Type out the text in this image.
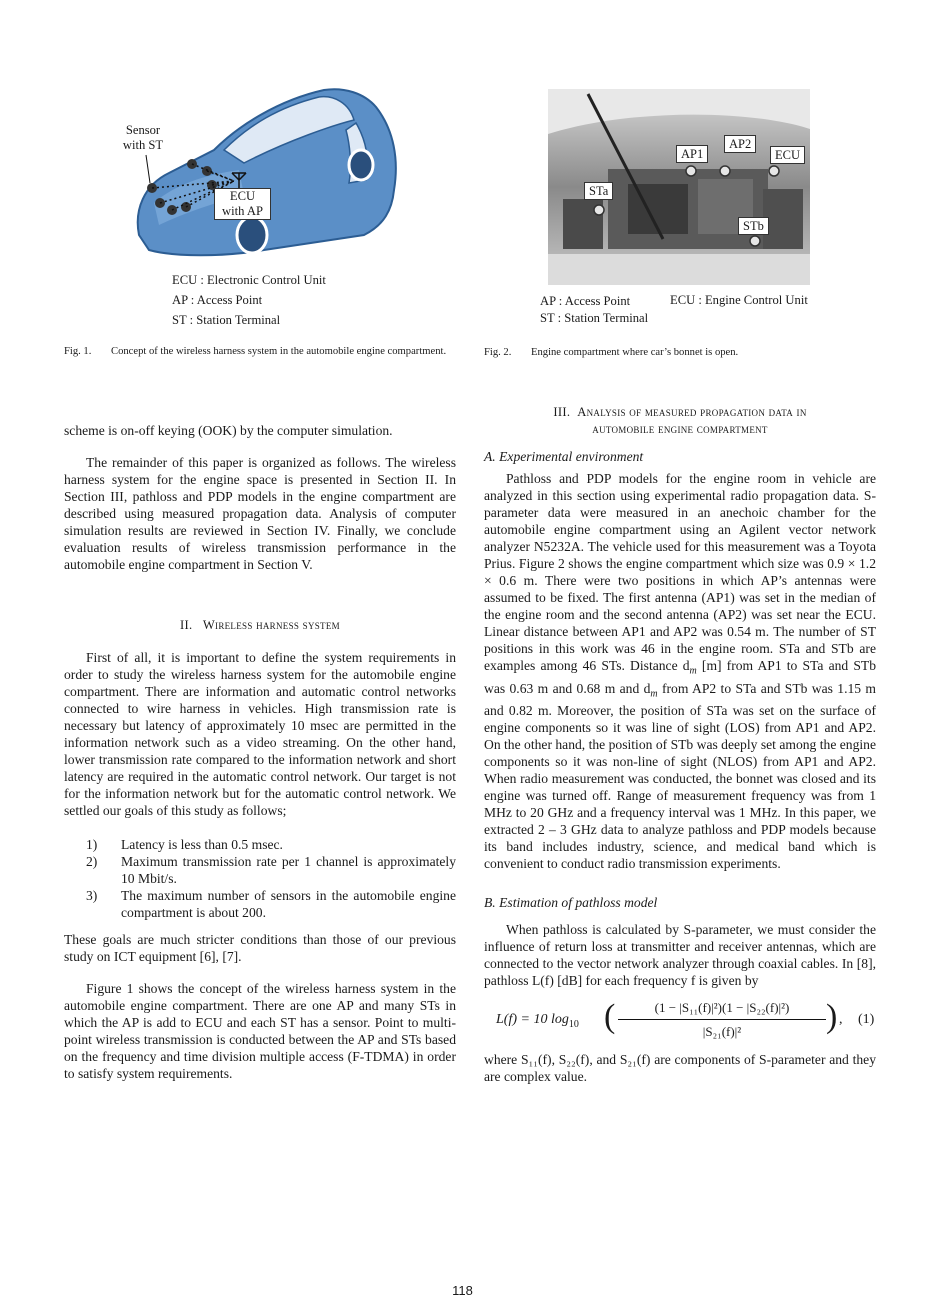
Sensor
with ST
ECU
with AP
ECU : Electronic Control Unit
AP : Access Point
ST : Station Terminal
Fig. 1. Concept of the wireless harness system in the automobile engine compartment.
STa
AP1
AP2
ECU
STb
AP : Access Point
ST : Station Terminal
ECU : Engine Control Unit
Fig. 2. Engine compartment where car’s bonnet is open.

scheme is on-off keying (OOK) by the computer simulation.

The remainder of this paper is organized as follows. The wireless harness system for the engine space is presented in Section II. In Section III, pathloss and PDP models in the engine compartment are described using measured propagation data. Analysis of computer simulation results are reviewed in Section IV. Finally, we conclude evaluation results of wireless transmission performance in the automobile engine compartment in Section V.

II. Wireless harness system

First of all, it is important to define the system requirements in order to study the wireless harness system for the automobile engine compartment. There are information and automatic control networks connected to wire harness in vehicles. High transmission rate is necessary but latency of approximately 10 msec are permitted in the information network such as a video streaming. On the other hand, lower transmission rate compared to the information network and short latency are required in the automatic control network. Our target is not for the information network but for the automatic control network. We settled our goals of this study as follows;

1) Latency is less than 0.5 msec.
2) Maximum transmission rate per 1 channel is approximately 10 Mbit/s.
3) The maximum number of sensors in the automobile engine compartment is about 200.

These goals are much stricter conditions than those of our previous study on ICT equipment [6], [7].

Figure 1 shows the concept of the wireless harness system in the automobile engine compartment. There are one AP and many STs in which the AP is add to ECU and each ST has a sensor. Point to multi-point wireless transmission is conducted between the AP and STs based on the frequency and time division multiple access (F-TDMA) in order to satisfy system requirements.

III. Analysis of measured propagation data in
automobile engine compartment

A. Experimental environment

Pathloss and PDP models for the engine room in vehicle are analyzed in this section using experimental radio propagation data. S-parameter data were measured in an anechoic chamber for the automobile engine compartment using an Agilent vector network analyzer N5232A. The vehicle used for this measurement was a Toyota Prius. Figure 2 shows the engine compartment which size was 0.9 × 1.2 × 0.6 m. There were two positions in which AP’s antennas were assumed to be fixed. The first antenna (AP1) was set in the median of the engine room and the second antenna (AP2) was set near the ECU. Linear distance between AP1 and AP2 was 0.54 m. The number of ST positions in this work was 46 in the engine room. STa and STb are examples among 46 STs. Distance $d_m$ [m] from AP1 to STa and STb was 0.63 m and 0.68 m and $d_m$ from AP2 to STa and STb was 1.15 m and 0.82 m. Moreover, the position of STa was set on the surface of engine components so it was line of sight (LOS) from AP1 and AP2. On the other hand, the position of STb was deeply set among the engine components so it was non-line of sight (NLOS) from AP1 and AP2. When radio measurement was conducted, the bonnet was closed and its engine was turned off. Range of measurement frequency was from 1 MHz to 20 GHz and a frequency interval was 1 MHz. In this paper, we extracted 2 – 3 GHz data to analyze pathloss and PDP models because its band includes industry, science, and medical band which is convenient to conduct radio transmission experiments.

B. Estimation of pathloss model

When pathloss is calculated by S-parameter, we must consider the influence of return loss at transmitter and receiver antennas, which are connected to the vector network analyzer through coaxial cables. In [8], pathloss L(f) [dB] for each frequency f is given by

L(f) = 10 $\log_{10}$ (	(1 − |S₁₁(f)|²)(1 − |S₂₂(f)|²)
|S₂₁(f)|²	) , (1)

where S₁₁(f), S₂₂(f), and S₂₁(f) are components of S-parameter and they are complex value.

118
